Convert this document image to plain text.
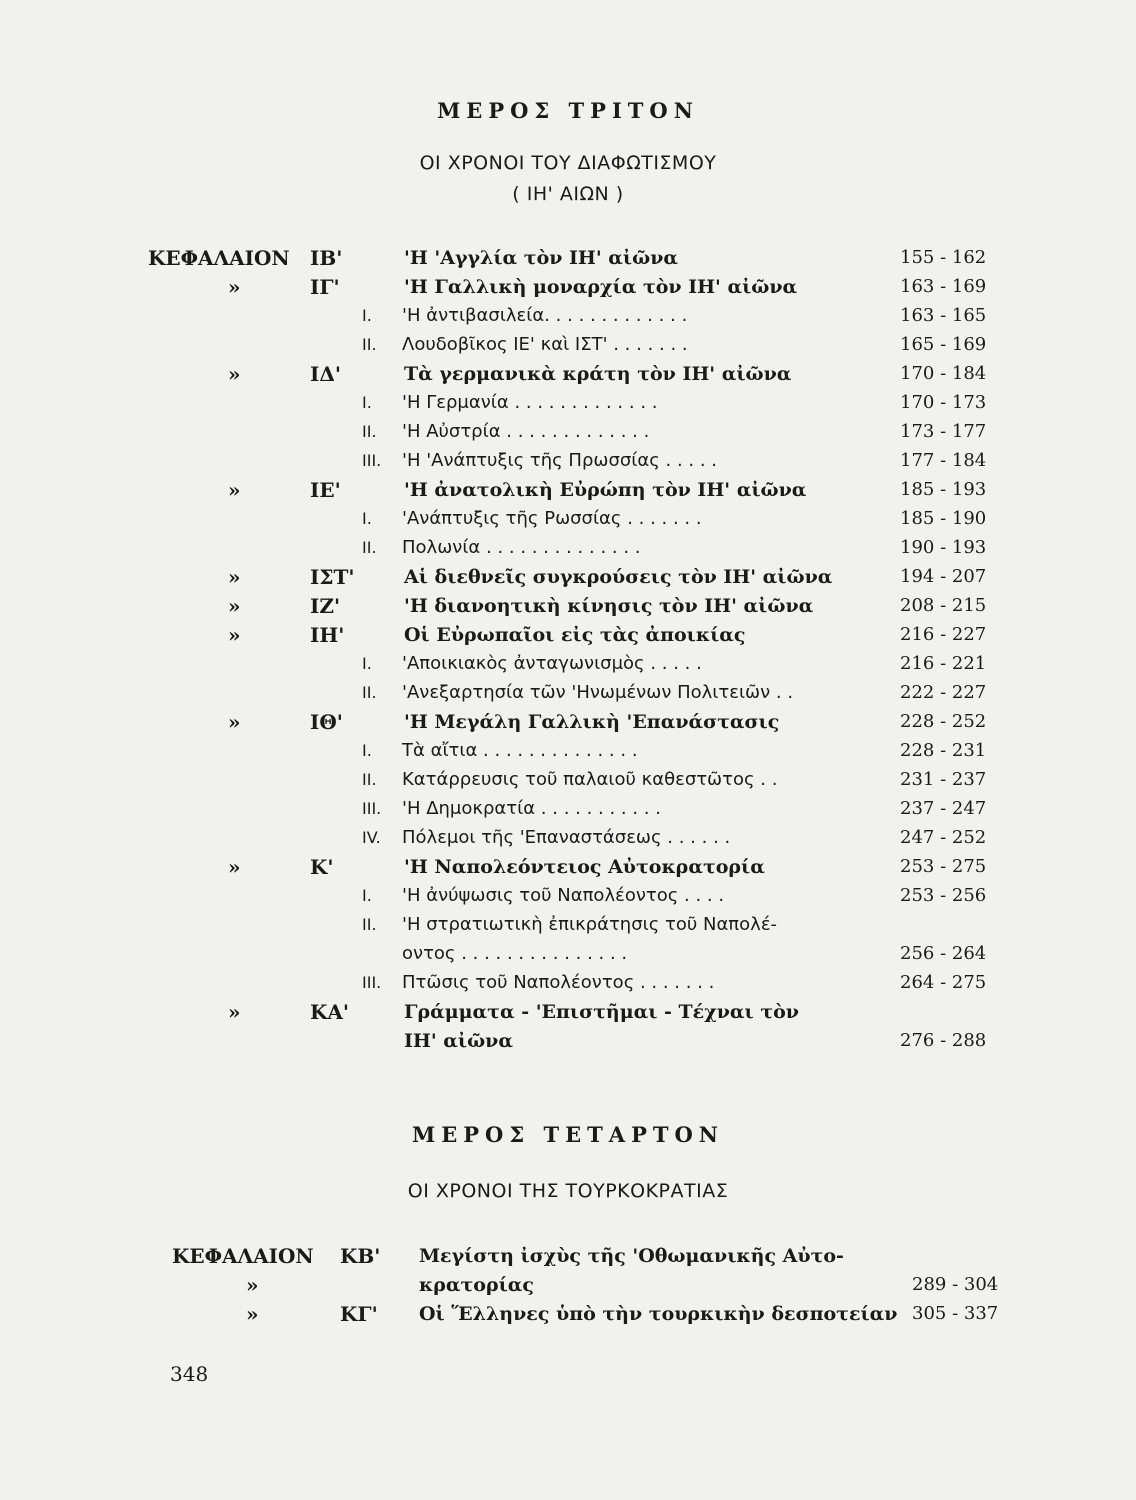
ΜΕΡΟΣ ΤΡΙΤΟΝ
ΟΙ ΧΡΟΝΟΙ ΤΟΥ ΔΙΑΦΩΤΙΣΜΟΥ
( ΙΗ' ΑΙΩΝ )
ΚΕΦΑΛΑΙΟΝ ΙΒ'	'Η 'Αγγλία τὸν ΙΗ' αἰῶνα	155 - 162
»	ΙΓ'	'Η Γαλλικὴ μοναρχία τὸν ΙΗ' αἰῶνα	163 - 169
Ι. 'Η ἀντιβασιλεία. . . . . . . . . . . . .	163 - 165
ΙΙ. Λουδοβῖκος ΙΕ' καὶ ΙΣΤ' . . . . . . .	165 - 169
»	ΙΔ'	Τὰ γερμανικὰ κράτη τὸν ΙΗ' αἰῶνα	170 - 184
Ι. 'Η Γερμανία . . . . . . . . . . . . .	170 - 173
ΙΙ. 'Η Αὐστρία . . . . . . . . . . . . .	173 - 177
ΙΙΙ. 'Η 'Ανάπτυξις τῆς Πρωσσίας . . . . .	177 - 184
»	ΙΕ'	'Η ἀνατολικὴ Εὐρώπη τὸν ΙΗ' αἰῶνα	185 - 193
Ι. 'Ανάπτυξις τῆς Ρωσσίας . . . . . . .	185 - 190
ΙΙ. Πολωνία . . . . . . . . . . . . . .	190 - 193
»	ΙΣΤ'	Αἱ διεθνεῖς συγκρούσεις τὸν ΙΗ' αἰῶνα	194 - 207
»	ΙΖ'	'Η διανοητικὴ κίνησις τὸν ΙΗ' αἰῶνα	208 - 215
»	ΙΗ'	Οἱ Εὐρωπαῖοι εἰς τὰς ἀποικίας	216 - 227
Ι. 'Αποικιακὸς ἀνταγωνισμὸς . . . . .	216 - 221
ΙΙ. 'Ανεξαρτησία τῶν 'Ηνωμένων Πολιτειῶν . .	222 - 227
»	ΙΘ'	'Η Μεγάλη Γαλλικὴ 'Επανάστασις	228 - 252
Ι. Τὰ αἴτια . . . . . . . . . . . . . .	228 - 231
ΙΙ. Κατάρρευσις τοῦ παλαιοῦ καθεστῶτος . .	231 - 237
ΙΙΙ. 'Η Δημοκρατία . . . . . . . . . . .	237 - 247
ΙV. Πόλεμοι τῆς 'Επαναστάσεως . . . . . .	247 - 252
»	Κ'	'Η Ναπολεόντειος Αὐτοκρατορία	253 - 275
Ι. 'Η ἀνύψωσις τοῦ Ναπολέοντος . . . .	253 - 256
ΙΙ. 'Η στρατιωτικὴ ἐπικράτησις τοῦ Ναπολέ-
οντος . . . . . . . . . . . . . . .	256 - 264
ΙΙΙ. Πτῶσις τοῦ Ναπολέοντος . . . . . . .	264 - 275
»	ΚΑ'	Γράμματα - 'Επιστῆμαι - Τέχναι τὸν
ΙΗ' αἰῶνα	276 - 288
ΜΕΡΟΣ ΤΕΤΑΡΤΟΝ
ΟΙ ΧΡΟΝΟΙ ΤΗΣ ΤΟΥΡΚΟΚΡΑΤΙΑΣ
ΚΕΦΑΛΑΙΟΝ ΚΒ' Μεγίστη ἰσχὺς τῆς 'Οθωμανικῆς Αὐτο-
»	κρατορίας	289 - 304
»	ΚΓ' Οἱ Ἕλληνες ὑπὸ τὴν τουρκικὴν δεσποτείαν 305 - 337
348
